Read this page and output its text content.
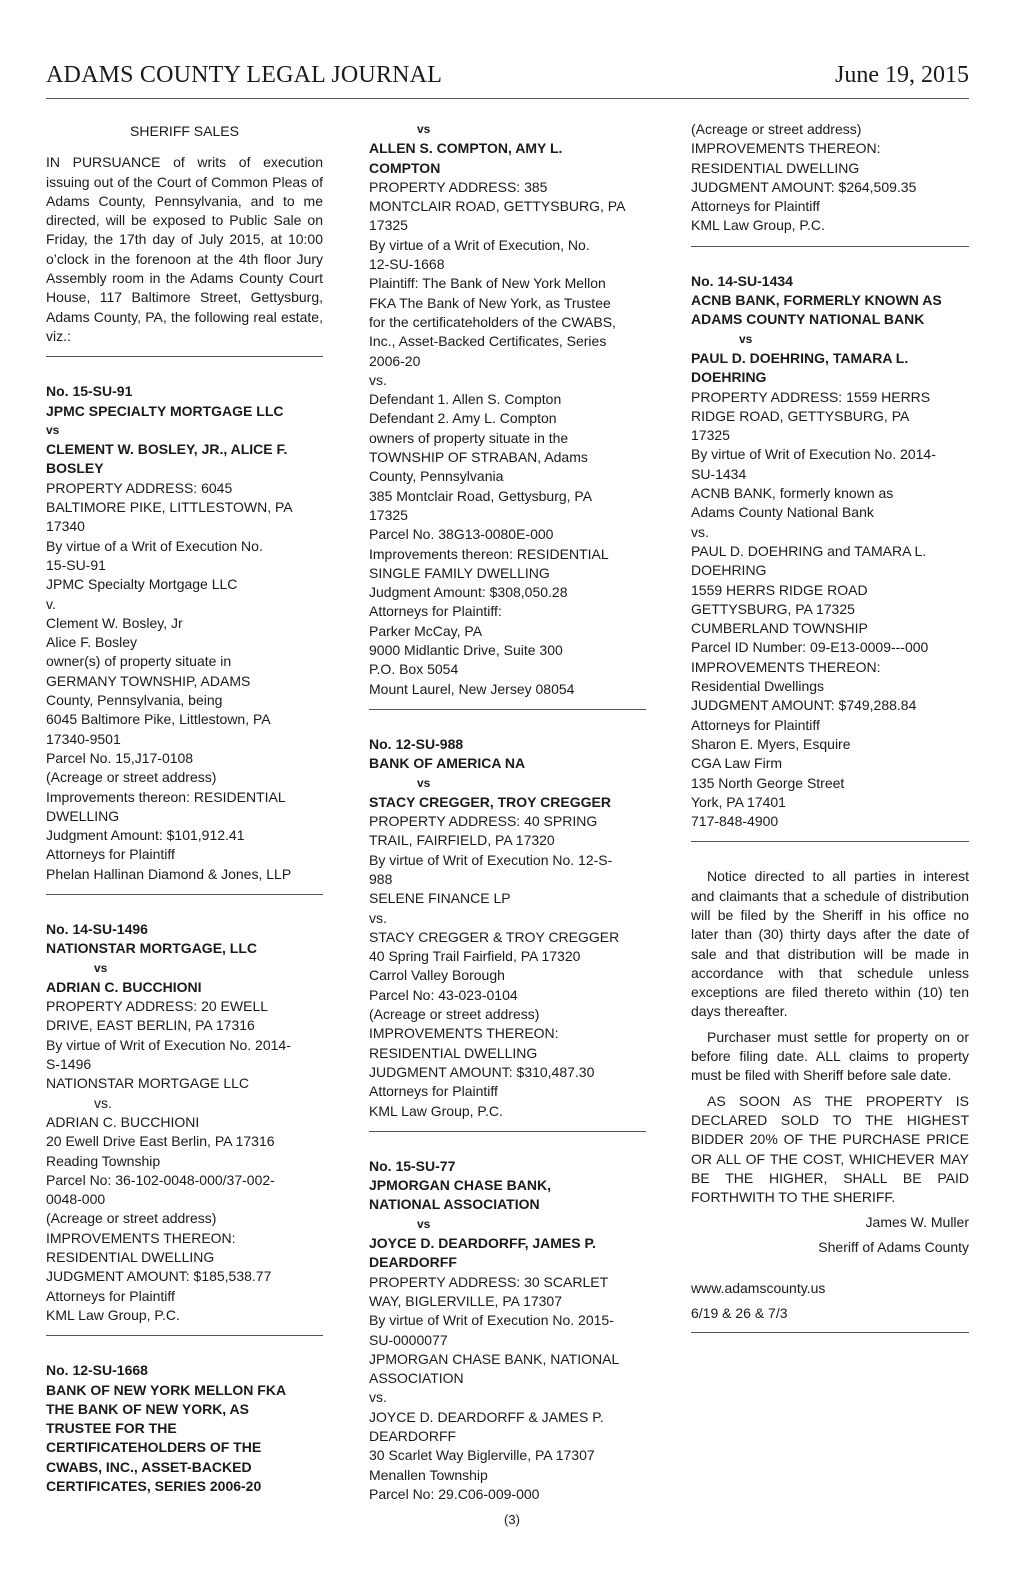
ADAMS COUNTY LEGAL JOURNAL	June 19, 2015
SHERIFF SALES
IN PURSUANCE of writs of execution issuing out of the Court of Common Pleas of Adams County, Pennsylvania, and to me directed, will be exposed to Public Sale on Friday, the 17th day of July 2015, at 10:00 o’clock in the forenoon at the 4th floor Jury Assembly room in the Adams County Court House, 117 Baltimore Street, Gettysburg, Adams County, PA, the following real estate, viz.:
No. 15-SU-91
JPMC SPECIALTY MORTGAGE LLC
vs
CLEMENT W. BOSLEY, JR., ALICE F.
BOSLEY
PROPERTY ADDRESS: 6045
BALTIMORE PIKE, LITTLESTOWN, PA
17340
By virtue of a Writ of Execution No.
15-SU-91
JPMC Specialty Mortgage LLC
v.
Clement W. Bosley, Jr
Alice F. Bosley
owner(s) of property situate in
GERMANY TOWNSHIP, ADAMS
County, Pennsylvania, being
6045 Baltimore Pike, Littlestown, PA
17340-9501
Parcel No. 15,J17-0108
(Acreage or street address)
Improvements thereon: RESIDENTIAL
DWELLING
Judgment Amount: $101,912.41
Attorneys for Plaintiff
Phelan Hallinan Diamond & Jones, LLP
No. 14-SU-1496
NATIONSTAR MORTGAGE, LLC
vs
ADRIAN C. BUCCHIONI
PROPERTY ADDRESS: 20 EWELL
DRIVE, EAST BERLIN, PA 17316
By virtue of Writ of Execution No. 2014-
S-1496
NATIONSTAR MORTGAGE LLC
vs.
ADRIAN C. BUCCHIONI
20 Ewell Drive East Berlin, PA 17316
Reading Township
Parcel No: 36-102-0048-000/37-002-
0048-000
(Acreage or street address)
IMPROVEMENTS THEREON:
RESIDENTIAL DWELLING
JUDGMENT AMOUNT: $185,538.77
Attorneys for Plaintiff
KML Law Group, P.C.
No. 12-SU-1668
BANK OF NEW YORK MELLON FKA
THE BANK OF NEW YORK, AS
TRUSTEE FOR THE
CERTIFICATEHOLDERS OF THE
CWABS, INC., ASSET-BACKED
CERTIFICATES, SERIES 2006-20
vs
ALLEN S. COMPTON, AMY L.
COMPTON
PROPERTY ADDRESS: 385
MONTCLAIR ROAD, GETTYSBURG, PA
17325
By virtue of a Writ of Execution, No.
12-SU-1668
Plaintiff: The Bank of New York Mellon
FKA The Bank of New York, as Trustee
for the certificateholders of the CWABS,
Inc., Asset-Backed Certificates, Series
2006-20
vs.
Defendant 1. Allen S. Compton
Defendant 2. Amy L. Compton
owners of property situate in the
TOWNSHIP OF STRABAN, Adams
County, Pennsylvania
385 Montclair Road, Gettysburg, PA
17325
Parcel No. 38G13-0080E-000
Improvements thereon: RESIDENTIAL
SINGLE FAMILY DWELLING
Judgment Amount: $308,050.28
Attorneys for Plaintiff:
Parker McCay, PA
9000 Midlantic Drive, Suite 300
P.O. Box 5054
Mount Laurel, New Jersey 08054
No. 12-SU-988
BANK OF AMERICA NA
vs
STACY CREGGER, TROY CREGGER
PROPERTY ADDRESS: 40 SPRING
TRAIL, FAIRFIELD, PA 17320
By virtue of Writ of Execution No. 12-S-
988
SELENE FINANCE LP
vs.
STACY CREGGER & TROY CREGGER
40 Spring Trail Fairfield, PA 17320
Carrol Valley Borough
Parcel No: 43-023-0104
(Acreage or street address)
IMPROVEMENTS THEREON:
RESIDENTIAL DWELLING
JUDGMENT AMOUNT: $310,487.30
Attorneys for Plaintiff
KML Law Group, P.C.
No. 15-SU-77
JPMORGAN CHASE BANK,
NATIONAL ASSOCIATION
vs
JOYCE D. DEARDORFF, JAMES P.
DEARDORFF
PROPERTY ADDRESS: 30 SCARLET
WAY, BIGLERVILLE, PA 17307
By virtue of Writ of Execution No. 2015-
SU-0000077
JPMORGAN CHASE BANK, NATIONAL
ASSOCIATION
vs.
JOYCE D. DEARDORFF & JAMES P.
DEARDORFF
30 Scarlet Way Biglerville, PA 17307
Menallen Township
Parcel No: 29.C06-009-000
(Acreage or street address)
IMPROVEMENTS THEREON:
RESIDENTIAL DWELLING
JUDGMENT AMOUNT: $264,509.35
Attorneys for Plaintiff
KML Law Group, P.C.
No. 14-SU-1434
ACNB BANK, FORMERLY KNOWN AS
ADAMS COUNTY NATIONAL BANK
vs
PAUL D. DOEHRING, TAMARA L.
DOEHRING
PROPERTY ADDRESS: 1559 HERRS
RIDGE ROAD, GETTYSBURG, PA
17325
By virtue of Writ of Execution No. 2014-
SU-1434
ACNB BANK, formerly known as
Adams County National Bank
vs.
PAUL D. DOEHRING and TAMARA L.
DOEHRING
1559 HERRS RIDGE ROAD
GETTYSBURG, PA 17325
CUMBERLAND TOWNSHIP
Parcel ID Number: 09-E13-0009---000
IMPROVEMENTS THEREON:
Residential Dwellings
JUDGMENT AMOUNT: $749,288.84
Attorneys for Plaintiff
Sharon E. Myers, Esquire
CGA Law Firm
135 North George Street
York, PA 17401
717-848-4900

Notice directed to all parties in interest and claimants that a schedule of distribution will be filed by the Sheriff in his office no later than (30) thirty days after the date of sale and that distribution will be made in accordance with that schedule unless exceptions are filed thereto within (10) ten days thereafter.

Purchaser must settle for property on or before filing date. ALL claims to property must be filed with Sheriff before sale date.

AS SOON AS THE PROPERTY IS DECLARED SOLD TO THE HIGHEST BIDDER 20% OF THE PURCHASE PRICE OR ALL OF THE COST, WHICHEVER MAY BE THE HIGHER, SHALL BE PAID FORTHWITH TO THE SHERIFF.

James W. Muller
Sheriff of Adams County
www.adamscounty.us
6/19 & 26 & 7/3
(3)
